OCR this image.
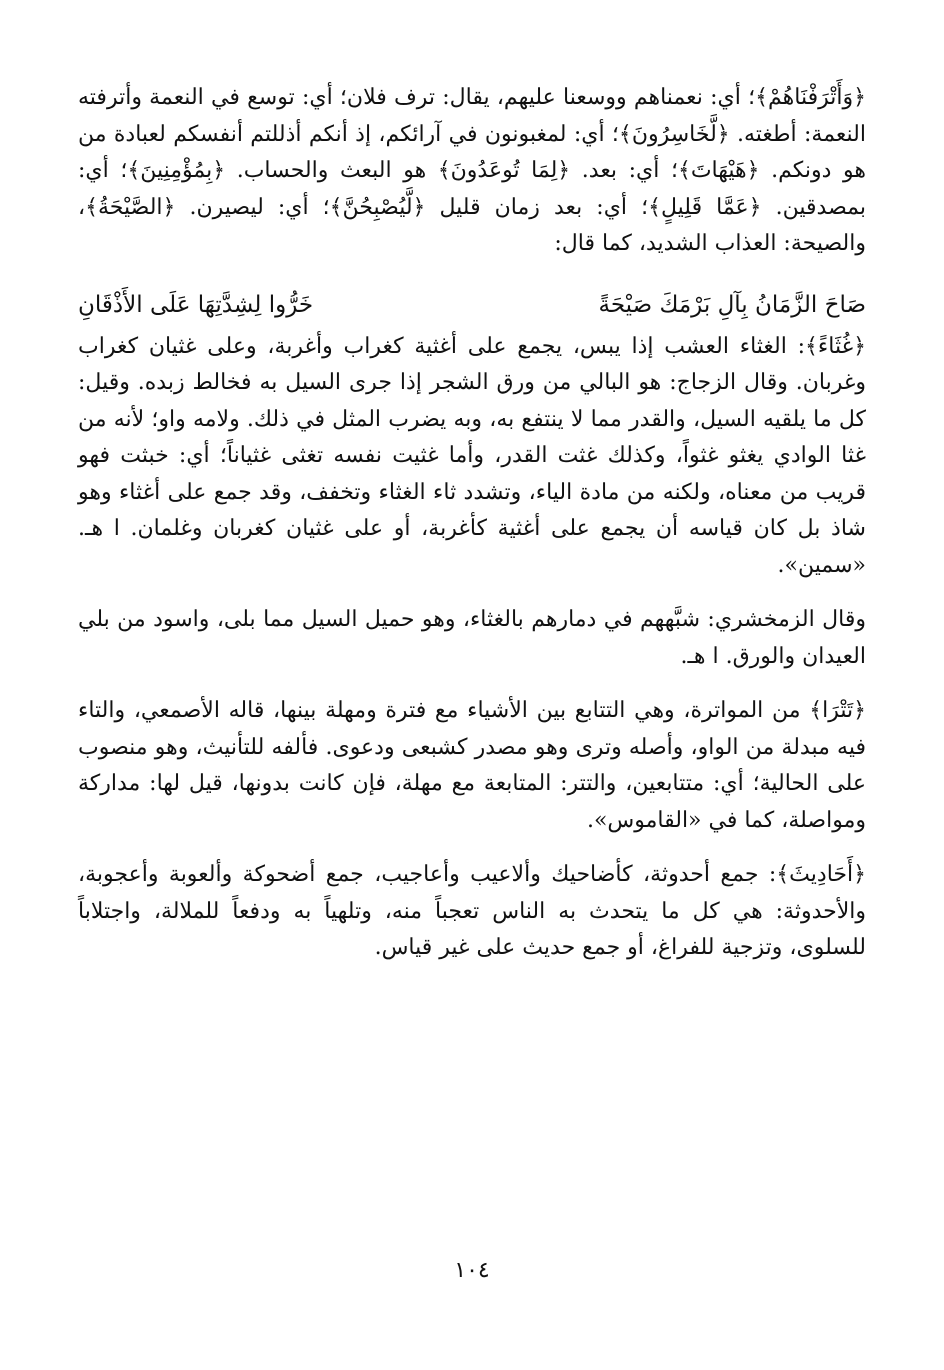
﴿وَأَتْرَفْنَاهُمْ﴾؛ أي: نعمناهم ووسعنا عليهم، يقال: ترف فلان؛ أي: توسع في النعمة وأترفته النعمة: أطغته. ﴿لَّخَاسِرُونَ﴾؛ أي: لمغبونون في آرائكم، إذ أنكم أذللتم أنفسكم لعبادة من هو دونكم. ﴿هَيْهَاتَ﴾؛ أي: بعد. ﴿لِمَا تُوعَدُونَ﴾ هو البعث والحساب. ﴿بِمُؤْمِنِينَ﴾؛ أي: بمصدقين. ﴿عَمَّا قَلِيلٍ﴾؛ أي: بعد زمان قليل ﴿لَّيُصْبِحُنَّ﴾؛ أي: ليصيرن. ﴿الصَّيْحَةُ﴾، والصيحة: العذاب الشديد، كما قال:

صَاحَ الزَّمَانُ بِآلِ بَرْمَكَ صَيْحَةً
خَرُّوا لِشِدَّتِهَا عَلَى الأَذْقَانِ

﴿غُثَاءً﴾: الغثاء العشب إذا يبس، يجمع على أغثية كغراب وأغربة، وعلى غثيان كغراب وغربان. وقال الزجاج: هو البالي من ورق الشجر إذا جرى السيل به فخالط زبده. وقيل: كل ما يلقيه السيل، والقدر مما لا ينتفع به، وبه يضرب المثل في ذلك. ولامه واو؛ لأنه من غثا الوادي يغثو غثواً، وكذلك غثت القدر، وأما غثيت نفسه تغثى غثياناً؛ أي: خبثت فهو قريب من معناه، ولكنه من مادة الياء، وتشدد ثاء الغثاء وتخفف، وقد جمع على أغثاء وهو شاذ بل كان قياسه أن يجمع على أغثية كأغربة، أو على غثيان كغربان وغلمان. ا هـ. «سمين».

وقال الزمخشري: شبَّههم في دمارهم بالغثاء، وهو حميل السيل مما بلى، واسود من بلي العيدان والورق. ا هـ.

﴿تَتْرَا﴾ من المواترة، وهي التتابع بين الأشياء مع فترة ومهلة بينها، قاله الأصمعي، والتاء فيه مبدلة من الواو، وأصله وترى وهو مصدر كشبعى ودعوى. فألفه للتأنيث، وهو منصوب على الحالية؛ أي: متتابعين، والتتر: المتابعة مع مهلة، فإن كانت بدونها، قيل لها: مداركة ومواصلة، كما في «القاموس».

﴿أَحَادِيثَ﴾: جمع أحدوثة، كأضاحيك وألاعيب وأعاجيب، جمع أضحوكة وألعوبة وأعجوبة، والأحدوثة: هي كل ما يتحدث به الناس تعجباً منه، وتلهياً به ودفعاً للملالة، واجتلاباً للسلوى، وتزجية للفراغ، أو جمع حديث على غير قياس.

١٠٤
